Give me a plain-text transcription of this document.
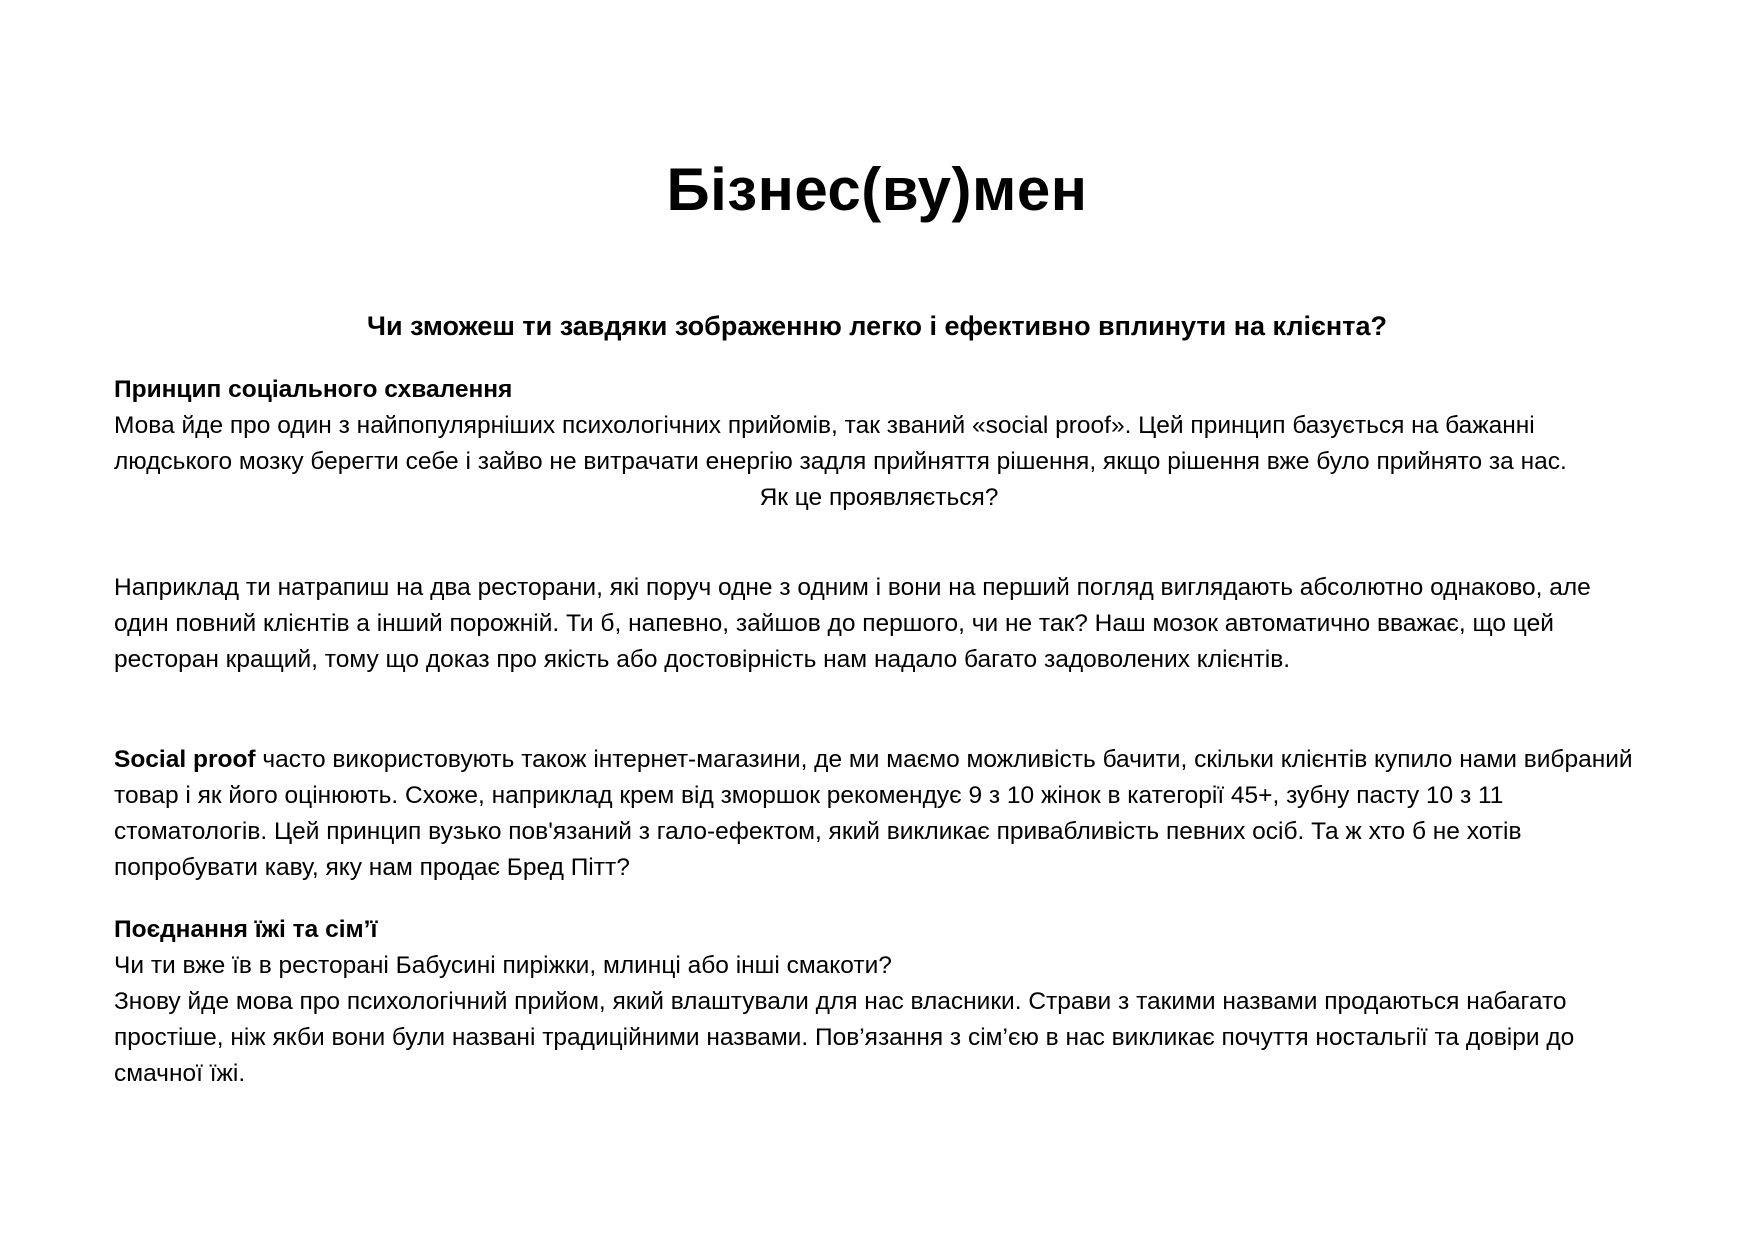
Бізнес(ву)мен
Чи зможеш ти завдяки зображенню легко і ефективно вплинути на клієнта?

Принцип соціального схвалення

Мова йде про один з найпопулярніших психологічних прийомів, так званий «social proof». Цей принцип базується на бажанні людського мозку берегти себе і зайво не витрачати енергію задля прийняття рішення, якщо рішення вже було прийнято за нас.

Як це проявляється?

Наприклад ти натрапиш на два ресторани, які поруч одне з одним і вони на перший погляд виглядають абсолютно однаково, але один повний клієнтів а інший порожній. Ти б, напевно, зайшов до першого, чи не так? Наш мозок автоматично вважає, що цей ресторан кращий, тому що доказ про якість або достовірність нам надало багато задоволених клієнтів.

Social proof часто використовують також інтернет-магазини, де ми маємо можливість бачити, скільки клієнтів купило нами вибраний товар і як його оцінюють. Схоже, наприклад крем від зморшок рекомендує 9 з 10 жінок в категорії 45+, зубну пасту 10 з 11 стоматологів. Цей принцип вузько пов'язаний з гало-ефектом, який викликає привабливість певних осіб. Та ж хто б не хотів попробувати каву, яку нам продає Бред Пітт?

Поєднання їжі та сім’ї

Чи ти вже їв в ресторані Бабусині пиріжки, млинці або інші смакоти?

Знову йде мова про психологічний прийом, який влаштували для нас власники. Страви з такими назвами продаються набагато простіше, ніж якби вони були названі традиційними назвами. Пов’язання з сім’єю в нас викликає почуття ностальгії та довіри до смачної їжі.
